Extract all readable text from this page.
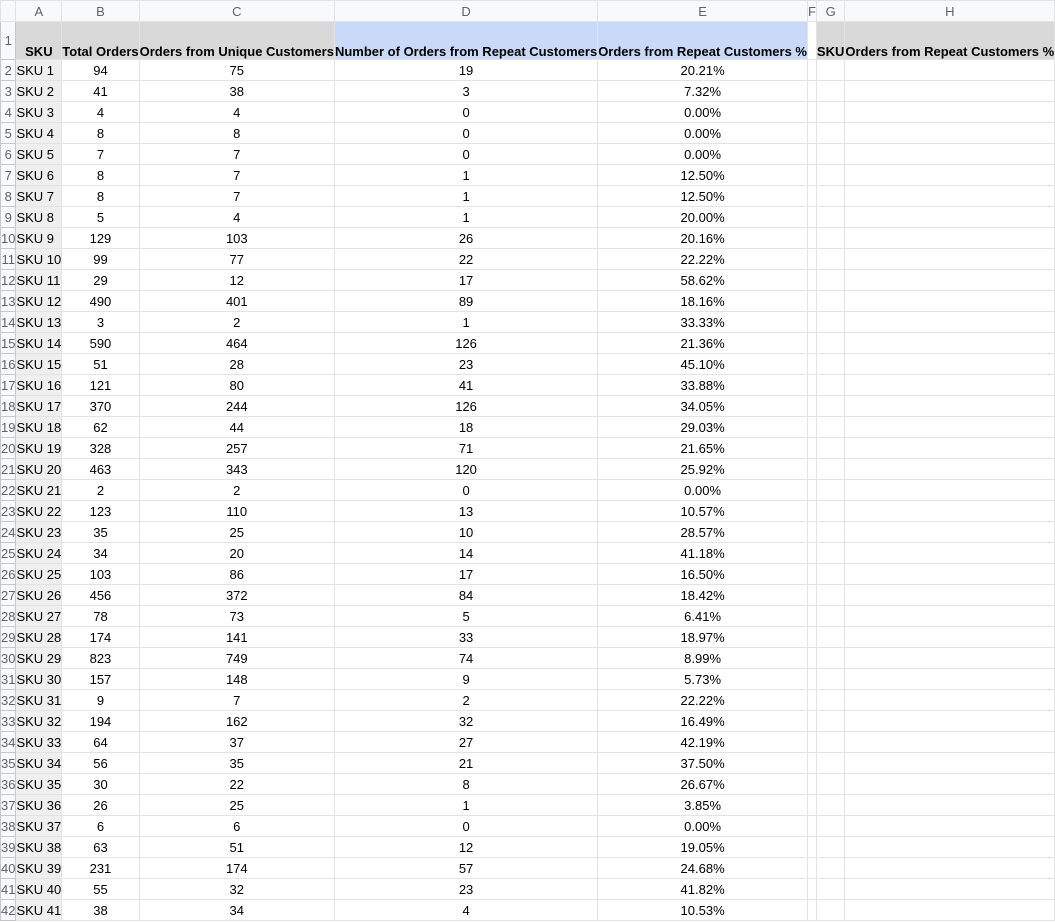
	A	B	C	D	E	F	G	H
1	SKU	Total Orders	Orders from Unique Customers	Number of Orders from Repeat Customers	Orders from Repeat Customers %		SKU	Orders from Repeat Customers %
2	SKU 1	94	75	19	20.21%			
3	SKU 2	41	38	3	7.32%			
4	SKU 3	4	4	0	0.00%			
5	SKU 4	8	8	0	0.00%			
6	SKU 5	7	7	0	0.00%			
7	SKU 6	8	7	1	12.50%			
8	SKU 7	8	7	1	12.50%			
9	SKU 8	5	4	1	20.00%			
10	SKU 9	129	103	26	20.16%			
11	SKU 10	99	77	22	22.22%			
12	SKU 11	29	12	17	58.62%			
13	SKU 12	490	401	89	18.16%			
14	SKU 13	3	2	1	33.33%			
15	SKU 14	590	464	126	21.36%			
16	SKU 15	51	28	23	45.10%			
17	SKU 16	121	80	41	33.88%			
18	SKU 17	370	244	126	34.05%			
19	SKU 18	62	44	18	29.03%			
20	SKU 19	328	257	71	21.65%			
21	SKU 20	463	343	120	25.92%			
22	SKU 21	2	2	0	0.00%			
23	SKU 22	123	110	13	10.57%			
24	SKU 23	35	25	10	28.57%			
25	SKU 24	34	20	14	41.18%			
26	SKU 25	103	86	17	16.50%			
27	SKU 26	456	372	84	18.42%			
28	SKU 27	78	73	5	6.41%			
29	SKU 28	174	141	33	18.97%			
30	SKU 29	823	749	74	8.99%			
31	SKU 30	157	148	9	5.73%			
32	SKU 31	9	7	2	22.22%			
33	SKU 32	194	162	32	16.49%			
34	SKU 33	64	37	27	42.19%			
35	SKU 34	56	35	21	37.50%			
36	SKU 35	30	22	8	26.67%			
37	SKU 36	26	25	1	3.85%			
38	SKU 37	6	6	0	0.00%			
39	SKU 38	63	51	12	19.05%			
40	SKU 39	231	174	57	24.68%			
41	SKU 40	55	32	23	41.82%			
42	SKU 41	38	34	4	10.53%			
